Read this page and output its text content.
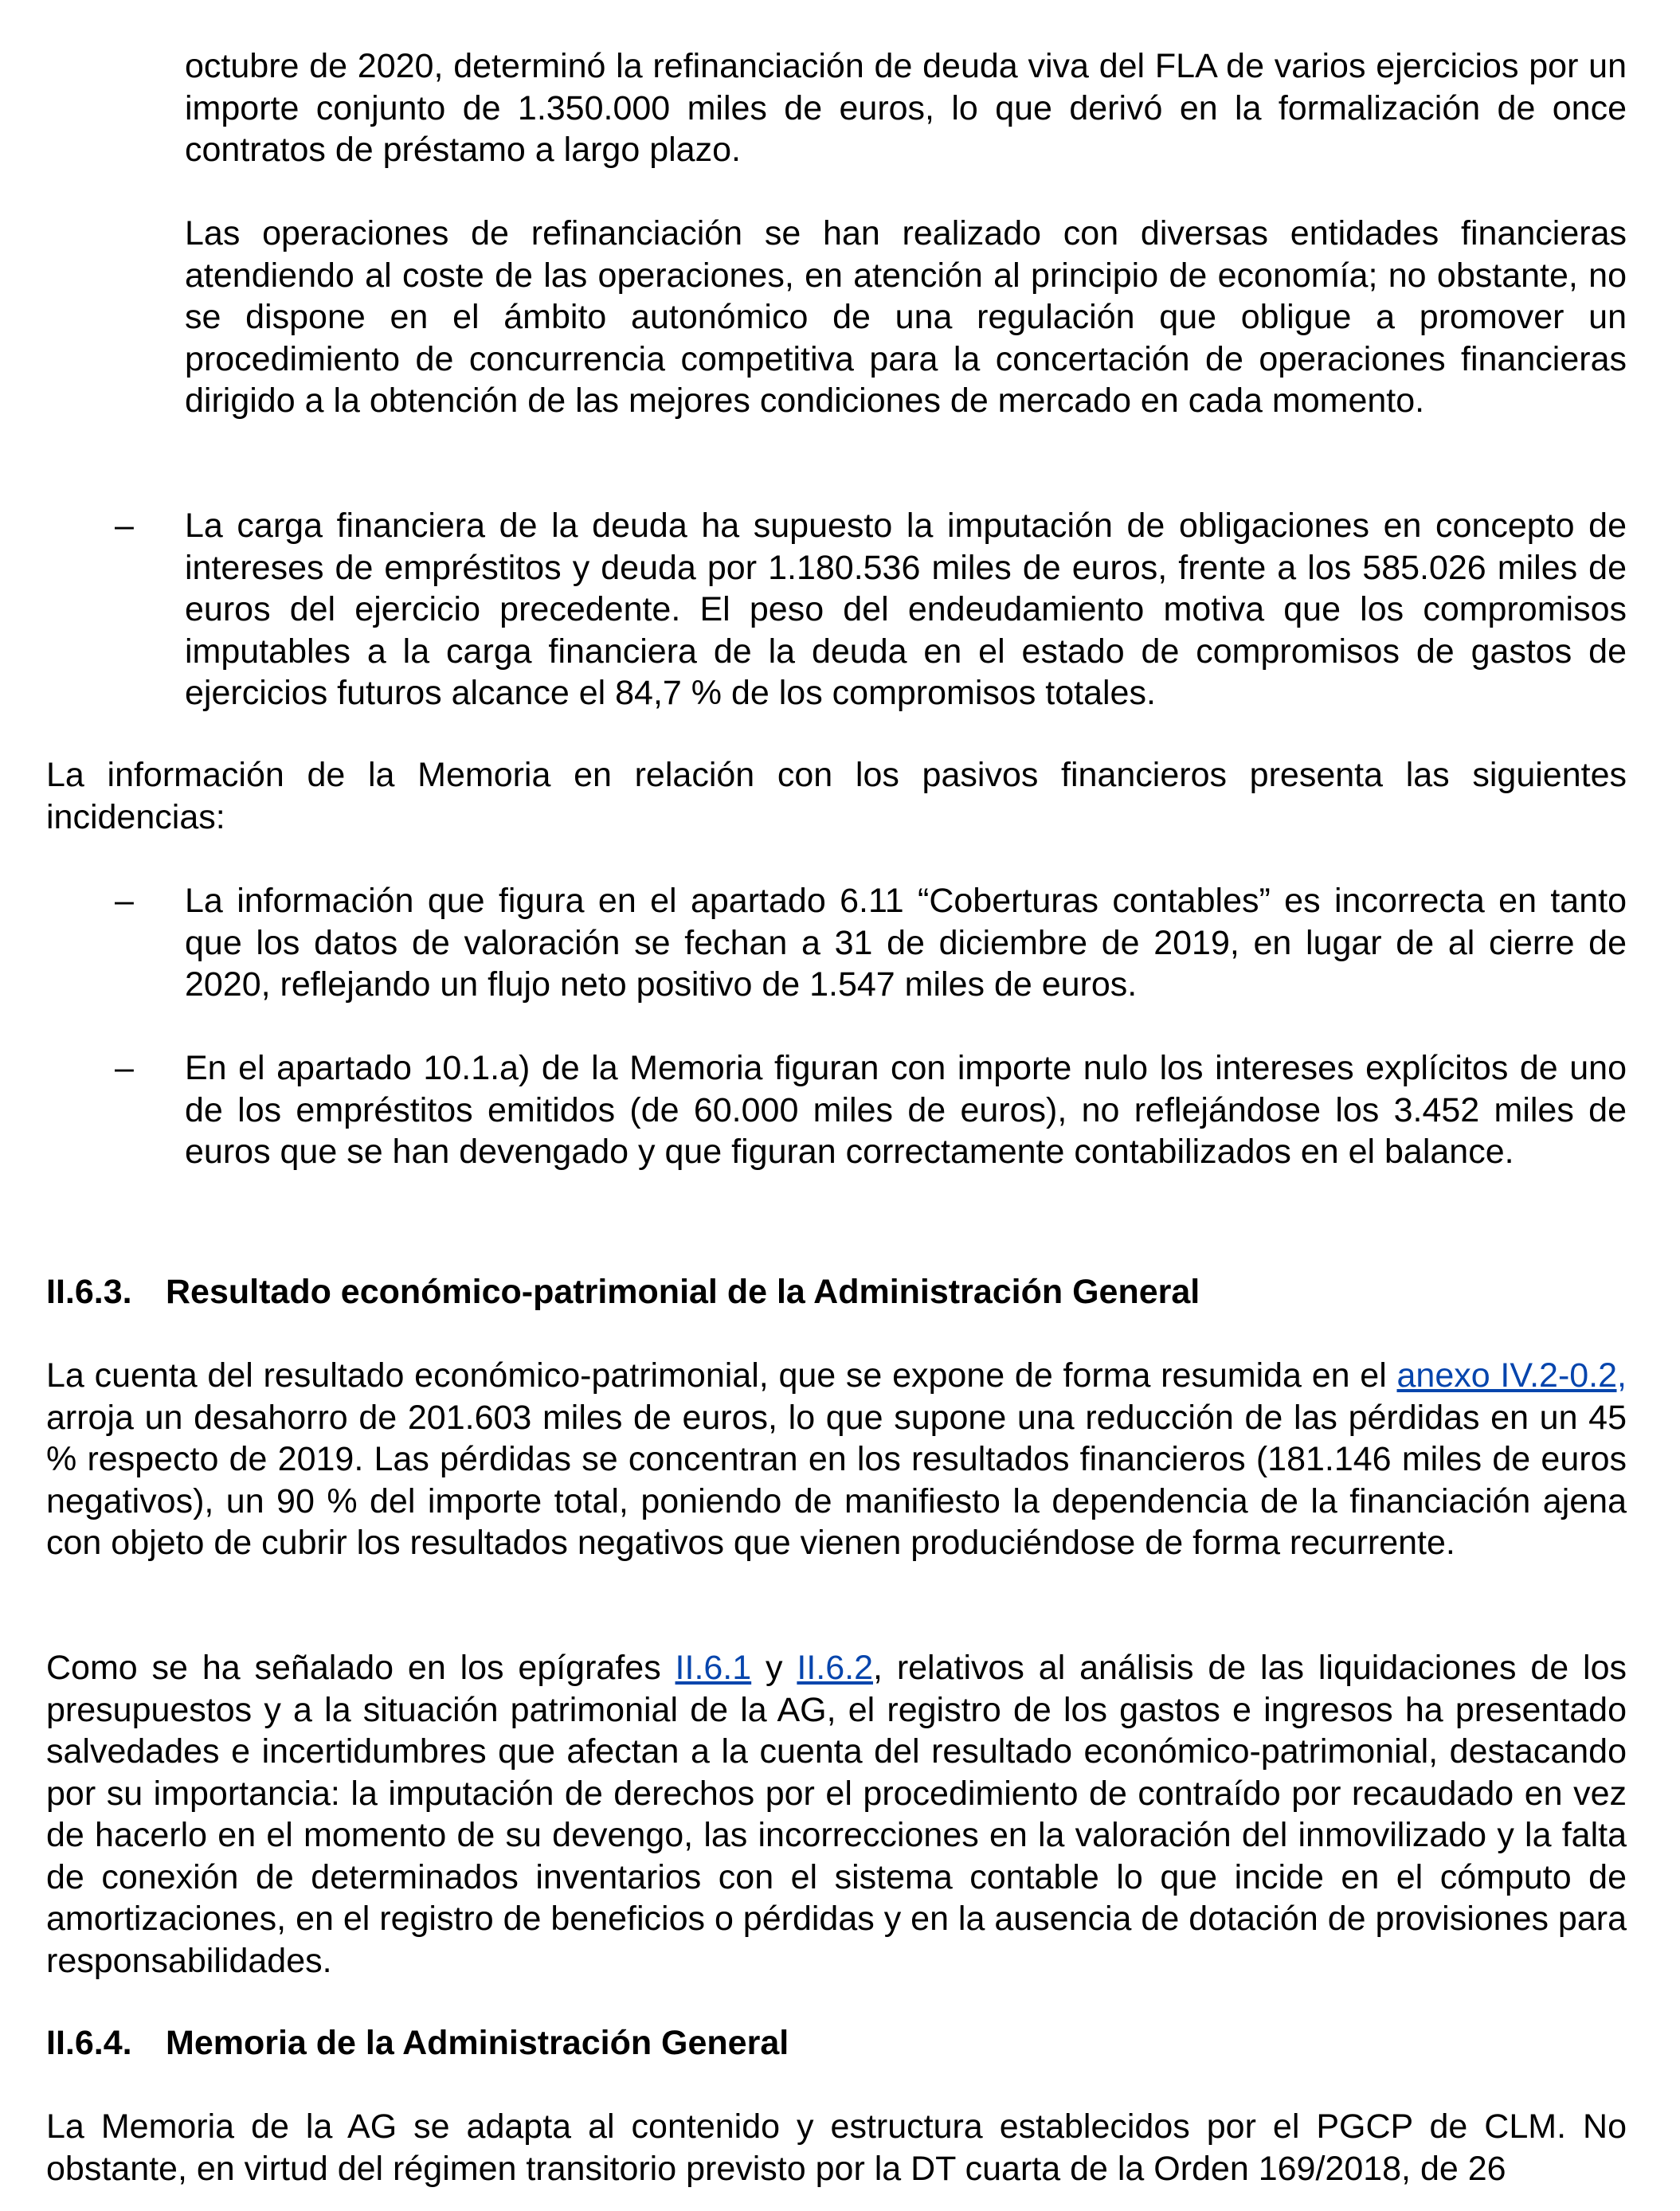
octubre de 2020, determinó la refinanciación de deuda viva del FLA de varios ejercicios por un importe conjunto de 1.350.000 miles de euros, lo que derivó en la formalización de once contratos de préstamo a largo plazo.

Las operaciones de refinanciación se han realizado con diversas entidades financieras atendiendo al coste de las operaciones, en atención al principio de economía; no obstante, no se dispone en el ámbito autonómico de una regulación que obligue a promover un procedimiento de concurrencia competitiva para la concertación de operaciones financieras dirigido a la obtención de las mejores condiciones de mercado en cada momento.

–	La carga financiera de la deuda ha supuesto la imputación de obligaciones en concepto de intereses de empréstitos y deuda por 1.180.536 miles de euros, frente a los 585.026 miles de euros del ejercicio precedente. El peso del endeudamiento motiva que los compromisos imputables a la carga financiera de la deuda en el estado de compromisos de gastos de ejercicios futuros alcance el 84,7 % de los compromisos totales.

La información de la Memoria en relación con los pasivos financieros presenta las siguientes incidencias:

–	La información que figura en el apartado 6.11 “Coberturas contables” es incorrecta en tanto que los datos de valoración se fechan a 31 de diciembre de 2019, en lugar de al cierre de 2020, reflejando un flujo neto positivo de 1.547 miles de euros.

–	En el apartado 10.1.a) de la Memoria figuran con importe nulo los intereses explícitos de uno de los empréstitos emitidos (de 60.000 miles de euros), no reflejándose los 3.452 miles de euros que se han devengado y que figuran correctamente contabilizados en el balance.

II.6.3. Resultado económico-patrimonial de la Administración General

La cuenta del resultado económico-patrimonial, que se expone de forma resumida en el anexo IV.2-0.2, arroja un desahorro de 201.603 miles de euros, lo que supone una reducción de las pérdidas en un 45 % respecto de 2019. Las pérdidas se concentran en los resultados financieros (181.146 miles de euros negativos), un 90 % del importe total, poniendo de manifiesto la dependencia de la financiación ajena con objeto de cubrir los resultados negativos que vienen produciéndose de forma recurrente.

Como se ha señalado en los epígrafes II.6.1 y II.6.2, relativos al análisis de las liquidaciones de los presupuestos y a la situación patrimonial de la AG, el registro de los gastos e ingresos ha presentado salvedades e incertidumbres que afectan a la cuenta del resultado económico-patrimonial, destacando por su importancia: la imputación de derechos por el procedimiento de contraído por recaudado en vez de hacerlo en el momento de su devengo, las incorrecciones en la valoración del inmovilizado y la falta de conexión de determinados inventarios con el sistema contable lo que incide en el cómputo de amortizaciones, en el registro de beneficios o pérdidas y en la ausencia de dotación de provisiones para responsabilidades.

II.6.4. Memoria de la Administración General

La Memoria de la AG se adapta al contenido y estructura establecidos por el PGCP de CLM. No obstante, en virtud del régimen transitorio previsto por la DT cuarta de la Orden 169/2018, de 26
